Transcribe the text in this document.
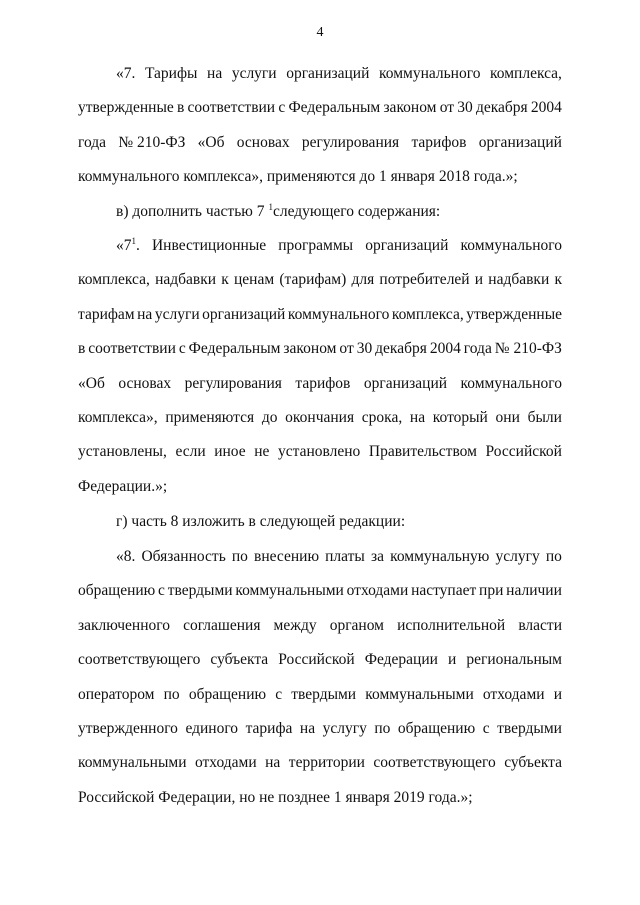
4
«7. Тарифы на услуги организаций коммунального комплекса,
утвержденные в соответствии с Федеральным законом от 30 декабря 2004
года № 210-ФЗ «Об основах регулирования тарифов организаций
коммунального комплекса», применяются до 1 января 2018 года.»;
в) дополнить частью 7 $^1$следующего содержания:
«$7^1$. Инвестиционные программы организаций коммунального
комплекса, надбавки к ценам (тарифам) для потребителей и надбавки к
тарифам на услуги организаций коммунального комплекса, утвержденные
в соответствии с Федеральным законом от 30 декабря 2004 года № 210-ФЗ
«Об основах регулирования тарифов организаций коммунального
комплекса», применяются до окончания срока, на который они были
установлены, если иное не установлено Правительством Российской
Федерации.»;
г) часть 8 изложить в следующей редакции:
«8. Обязанность по внесению платы за коммунальную услугу по
обращению с твердыми коммунальными отходами наступает при наличии
заключенного соглашения между органом исполнительной власти
соответствующего субъекта Российской Федерации и региональным
оператором по обращению с твердыми коммунальными отходами и
утвержденного единого тарифа на услугу по обращению с твердыми
коммунальными отходами на территории соответствующего субъекта
Российской Федерации, но не позднее 1 января 2019 года.»;
